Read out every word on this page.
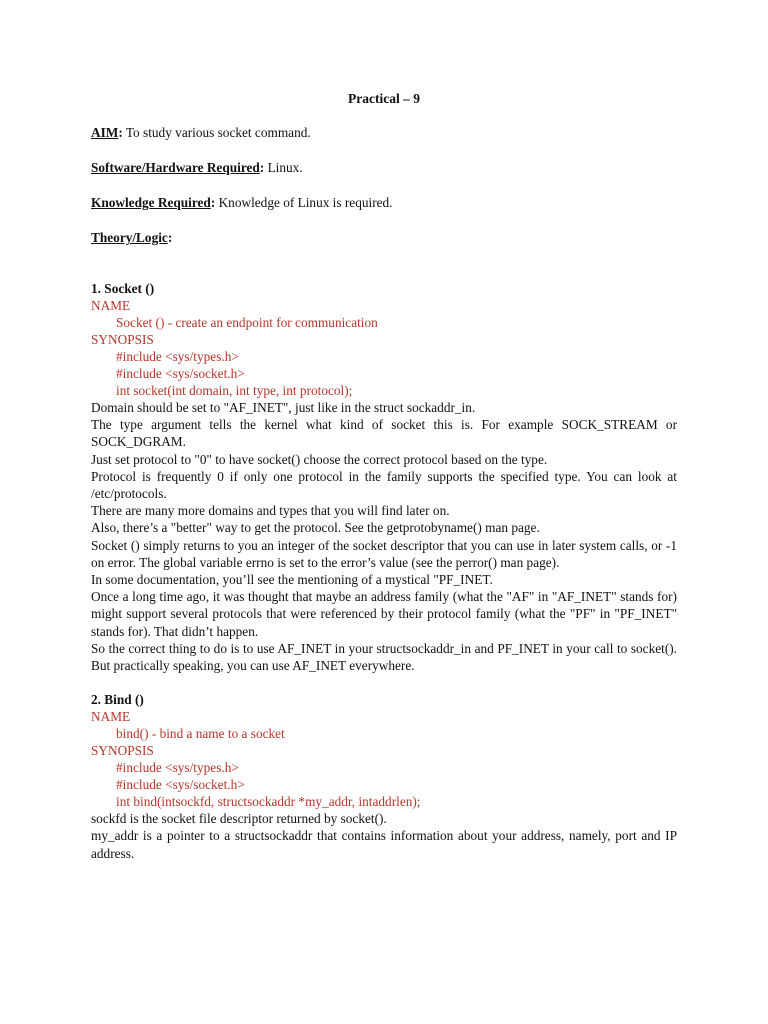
Practical – 9
AIM: To study various socket command.
Software/Hardware Required: Linux.
Knowledge Required: Knowledge of Linux is required.
Theory/Logic:
1. Socket ()
NAME
Socket () - create an endpoint for communication
SYNOPSIS
#include <sys/types.h>
#include <sys/socket.h>
int socket(int domain, int type, int protocol);

Domain should be set to "AF_INET", just like in the struct sockaddr_in.

The type argument tells the kernel what kind of socket this is. For example SOCK_STREAM or SOCK_DGRAM.

Just set protocol to "0" to have socket() choose the correct protocol based on the type.

Protocol is frequently 0 if only one protocol in the family supports the specified type. You can look at /etc/protocols.

There are many more domains and types that you will find later on.

Also, there’s a "better" way to get the protocol. See the getprotobyname() man page.

Socket () simply returns to you an integer of the socket descriptor that you can use in later system calls, or -1 on error. The global variable errno is set to the error’s value (see the perror() man page).

In some documentation, you’ll see the mentioning of a mystical "PF_INET.

Once a long time ago, it was thought that maybe an address family (what the "AF" in "AF_INET" stands for) might support several protocols that were referenced by their protocol family (what the "PF" in "PF_INET" stands for). That didn’t happen.

So the correct thing to do is to use AF_INET in your structsockaddr_in and PF_INET in your call to socket(). But practically speaking, you can use AF_INET everywhere.

2. Bind ()
NAME
bind() - bind a name to a socket
SYNOPSIS
#include <sys/types.h>
#include <sys/socket.h>
int bind(intsockfd, structsockaddr *my_addr, intaddrlen);

sockfd is the socket file descriptor returned by socket().

my_addr is a pointer to a structsockaddr that contains information about your address, namely, port and IP address.
